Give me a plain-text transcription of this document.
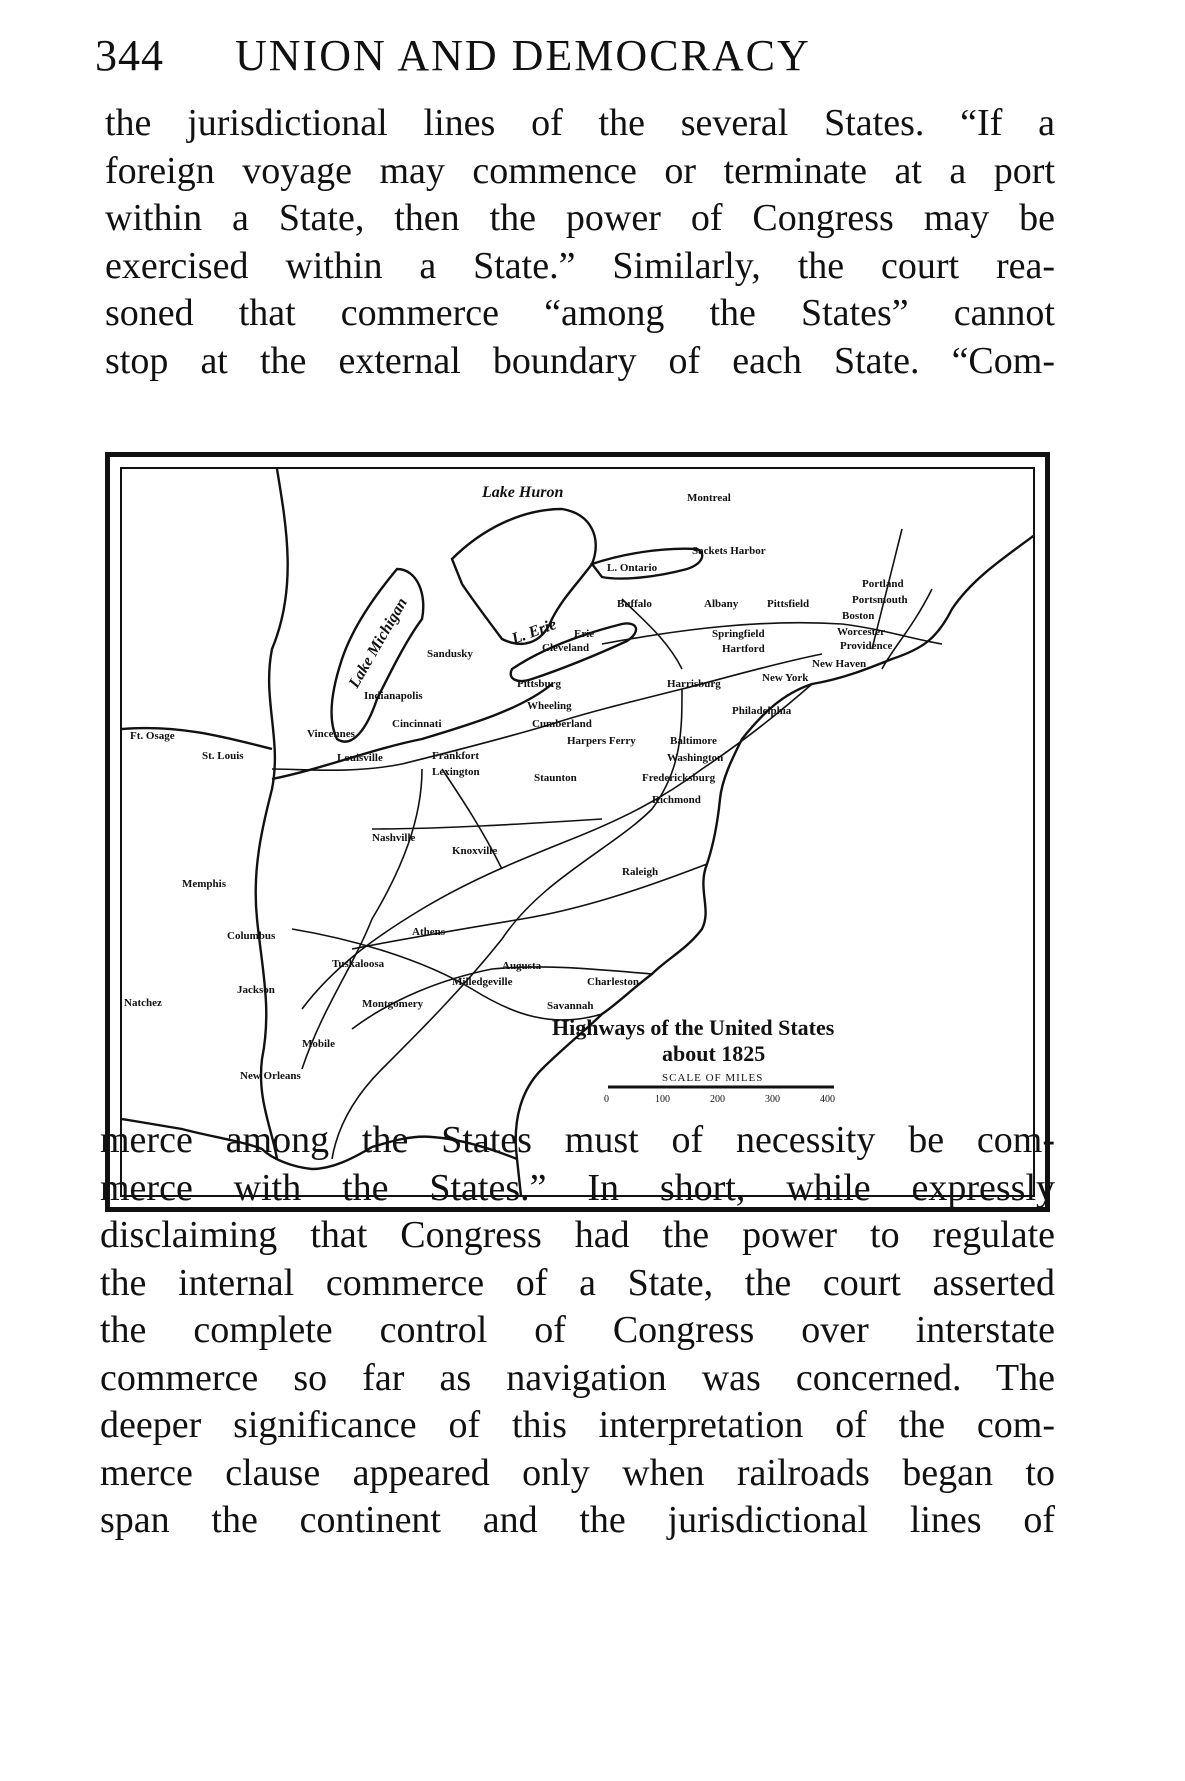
344 UNION AND DEMOCRACY
the jurisdictional lines of the several States. “If a
foreign voyage may commence or terminate at a port
within a State, then the power of Congress may be
exercised within a State.” Similarly, the court rea-
soned that commerce “among the States” cannot
stop at the external boundary of each State. “Com-
Lake Huron
Lake Michigan	L. Erie
L. Ontario
Montreal
Sackets Harbor
Portland
Portsmouth
Boston
Worcester
Providence
New Haven
New York
Springfield
Hartford
Pittsfield
Albany
Buffalo
Erie
Cleveland
Sandusky
Pittsburg	Harrisburg
Philadelphia
Wheeling
Cumberland
Harpers Ferry	Baltimore
Washington
Fredericksburg
Richmond
Staunton
Indianapolis
Cincinnati
Vincennes
St. Louis
Ft. Osage
Louisville	Frankfort
Lexington
Nashville
Knoxville
Raleigh
Memphis
Columbus	Athens
Tuskaloosa	Augusta
Milledgeville	Charleston
Savannah
Natchez
Jackson
Montgomery
Mobile
New Orleans
Highways of the United States
about 1825
SCALE OF MILES
0	100	200	300	400
merce among the States must of necessity be com-
merce with the States.” In short, while expressly
disclaiming that Congress had the power to regulate
the internal commerce of a State, the court asserted
the complete control of Congress over interstate
commerce so far as navigation was concerned. The
deeper significance of this interpretation of the com-
merce clause appeared only when railroads began to
span the continent and the jurisdictional lines of
